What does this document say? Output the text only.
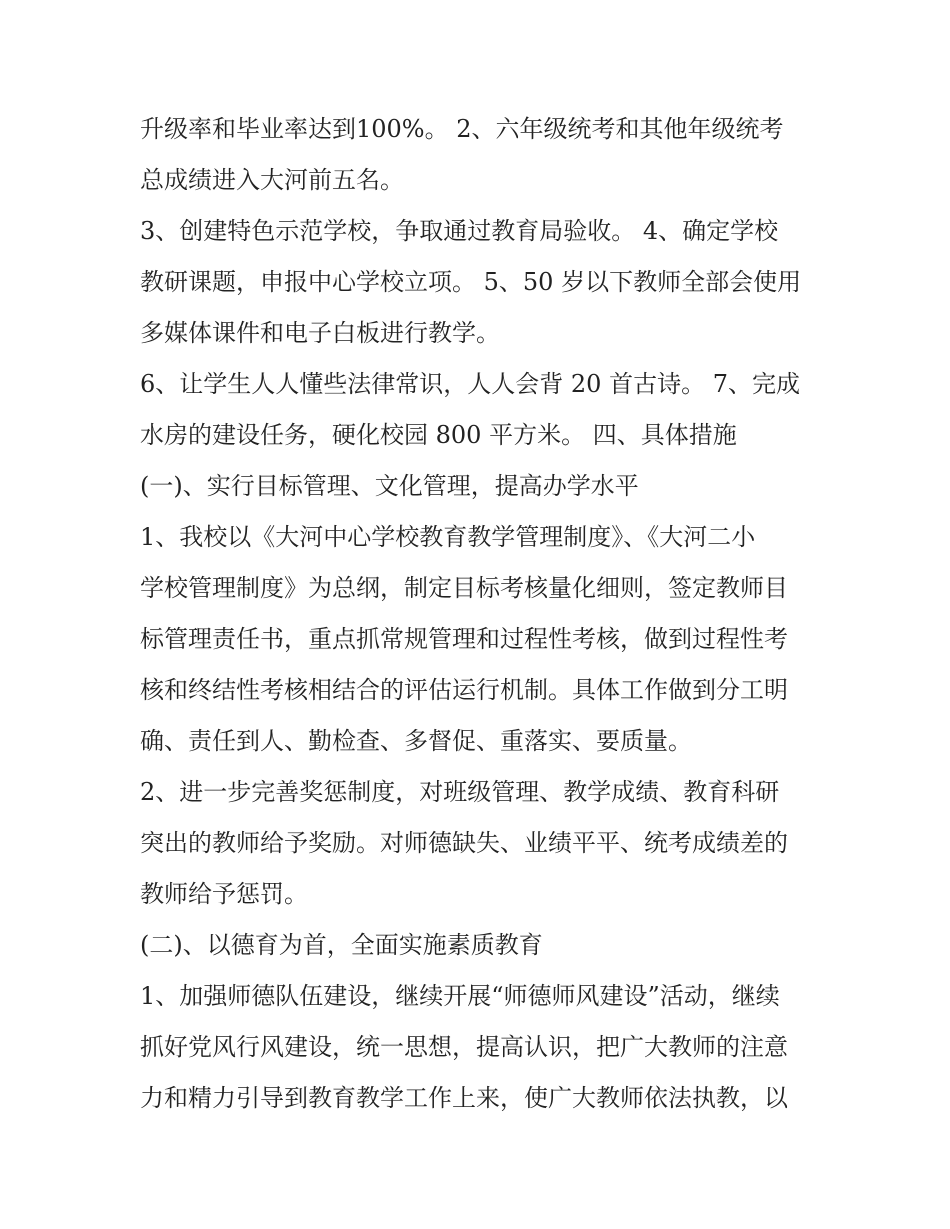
升级率和毕业率达到100%。 2、六年级统考和其他年级统考
总成绩进入大河前五名。
3、创建特色示范学校，争取通过教育局验收。 4、确定学校
教研课题，申报中心学校立项。 5、50 岁以下教师全部会使用
多媒体课件和电子白板进行教学。
6、让学生人人懂些法律常识，人人会背 20 首古诗。 7、完成
水房的建设任务，硬化校园 800 平方米。 四、具体措施
(一)、实行目标管理、文化管理，提高办学水平
1、我校以《大河中心学校教育教学管理制度》、《大河二小
学校管理制度》为总纲，制定目标考核量化细则，签定教师目
标管理责任书，重点抓常规管理和过程性考核，做到过程性考
核和终结性考核相结合的评估运行机制。具体工作做到分工明
确、责任到人、勤检查、多督促、重落实、要质量。
2、进一步完善奖惩制度，对班级管理、教学成绩、教育科研
突出的教师给予奖励。对师德缺失、业绩平平、统考成绩差的
教师给予惩罚。
(二)、以德育为首，全面实施素质教育
1、加强师德队伍建设，继续开展“师德师风建设”活动，继续
抓好党风行风建设，统一思想，提高认识，把广大教师的注意
力和精力引导到教育教学工作上来，使广大教师依法执教，以
